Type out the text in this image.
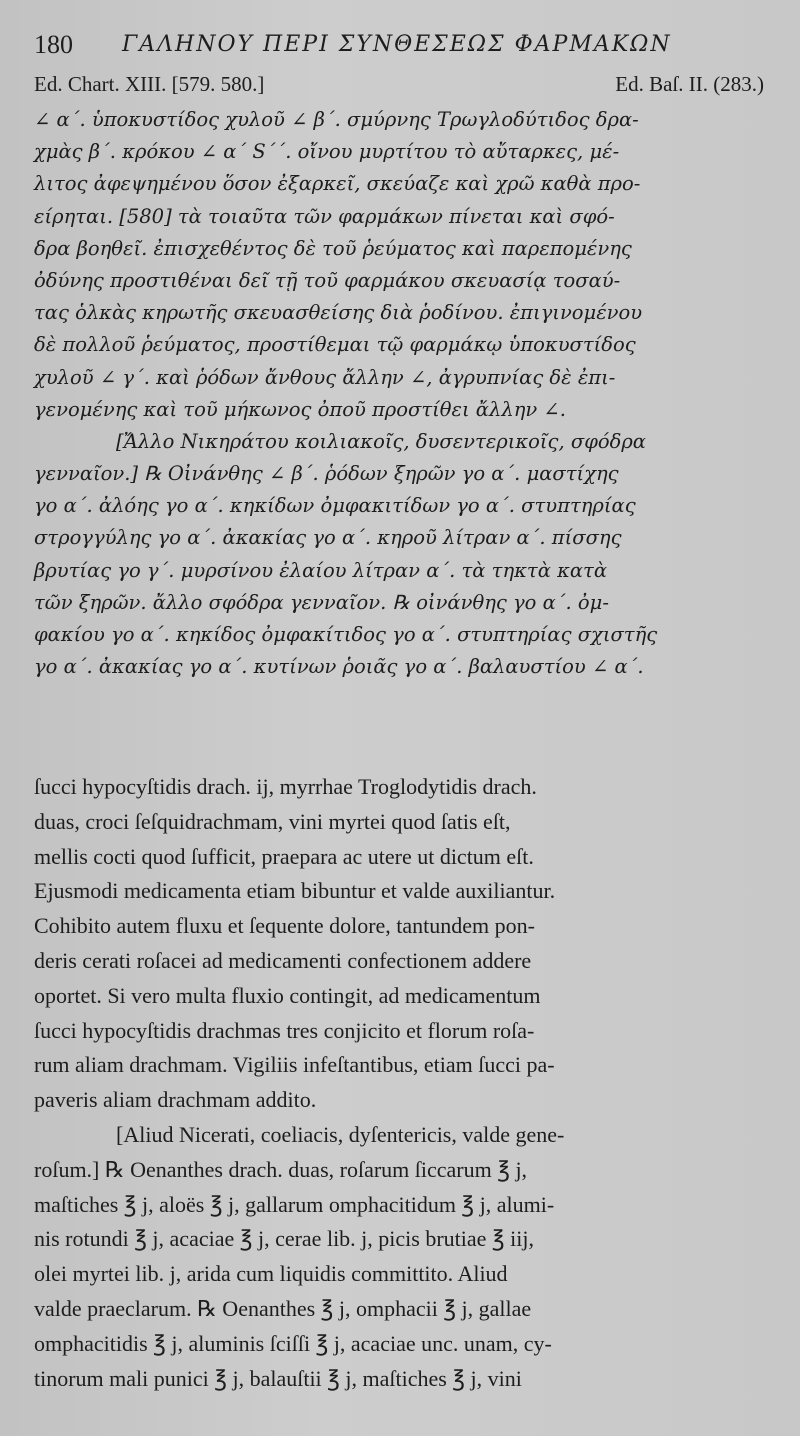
180 ΓΑΛΗΝΟΥ ΠΕΡΙ ΣΥΝΘΕΣΕΩΣ ΦΑΡΜΑΚΩΝ
Ed. Chart. XIII. [579. 580.]	Ed. Baſ. II. (283.)
∠ α΄. ὑποκυστίδος χυλοῦ ∠ β΄. σμύρνης Τρωγλοδύτιδος δρα-
χμὰς β΄. κρόκου ∠ α΄ S΄΄. οἴνου μυρτίτου τὸ αὔταρκες, μέ-
λιτος ἀφεψημένου ὅσον ἐξαρκεῖ, σκεύαζε καὶ χρῶ καθὰ προ-
είρηται. [580] τὰ τοιαῦτα τῶν φαρμάκων πίνεται καὶ σφό-
δρα βοηθεῖ. ἐπισχεθέντος δὲ τοῦ ῥεύματος καὶ παρεπομένης
ὀδύνης προστιθέναι δεῖ τῇ τοῦ φαρμάκου σκευασίᾳ τοσαύ-
τας ὁλκὰς κηρωτῆς σκευασθείσης διὰ ῥοδίνου. ἐπιγινομένου
δὲ πολλοῦ ῥεύματος, προστίθεμαι τῷ φαρμάκῳ ὑποκυστίδος
χυλοῦ ∠ γ΄. καὶ ῥόδων ἄνθους ἄλλην ∠, ἀγρυπνίας δὲ ἐπι-
γενομένης καὶ τοῦ μήκωνος ὀποῦ προστίθει ἄλλην ∠.
[Ἄλλο Νικηράτου κοιλιακοῖς, δυσεντερικοῖς, σφόδρα
γενναῖον.] ℞ Οἰνάνθης ∠ β΄. ῥόδων ξηρῶν γο α΄. μαστίχης
γο α΄. ἀλόης γο α΄. κηκίδων ὀμφακιτίδων γο α΄. στυπτηρίας
στρογγύλης γο α΄. ἀκακίας γο α΄. κηροῦ λίτραν α΄. πίσσης
βρυτίας γο γ΄. μυρσίνου ἐλαίου λίτραν α΄. τὰ τηκτὰ κατὰ
τῶν ξηρῶν. ἄλλο σφόδρα γενναῖον. ℞ οἰνάνθης γο α΄. ὀμ-
φακίου γο α΄. κηκίδος ὀμφακίτιδος γο α΄. στυπτηρίας σχιστῆς
γο α΄. ἀκακίας γο α΄. κυτίνων ῥοιᾶς γο α΄. βαλαυστίου ∠ α΄.
ſucci hypocyſtidis drach. ij, myrrhae Troglodytidis drach.
duas, croci ſeſquidrachmam, vini myrtei quod ſatis eſt,
mellis cocti quod ſufficit, praepara ac utere ut dictum eſt.
Ejusmodi medicamenta etiam bibuntur et valde auxiliantur.
Cohibito autem fluxu et ſequente dolore, tantundem pon-
deris cerati roſacei ad medicamenti confectionem addere
oportet. Si vero multa fluxio contingit, ad medicamentum
ſucci hypocyſtidis drachmas tres conjicito et florum roſa-
rum aliam drachmam. Vigiliis infeſtantibus, etiam ſucci pa-
paveris aliam drachmam addito.
[Aliud Nicerati, coeliacis, dyſentericis, valde gene-
roſum.] ℞ Oenanthes drach. duas, roſarum ſiccarum ℥ j,
maſtiches ℥ j, aloës ℥ j, gallarum omphacitidum ℥ j, alumi-
nis rotundi ℥ j, acaciae ℥ j, cerae lib. j, picis brutiae ℥ iij,
olei myrtei lib. j, arida cum liquidis committito. Aliud
valde praeclarum. ℞ Oenanthes ℥ j, omphacii ℥ j, gallae
omphacitidis ℥ j, aluminis ſciſſi ℥ j, acaciae unc. unam, cy-
tinorum mali punici ℥ j, balauſtii ℥ j, maſtiches ℥ j, vini
